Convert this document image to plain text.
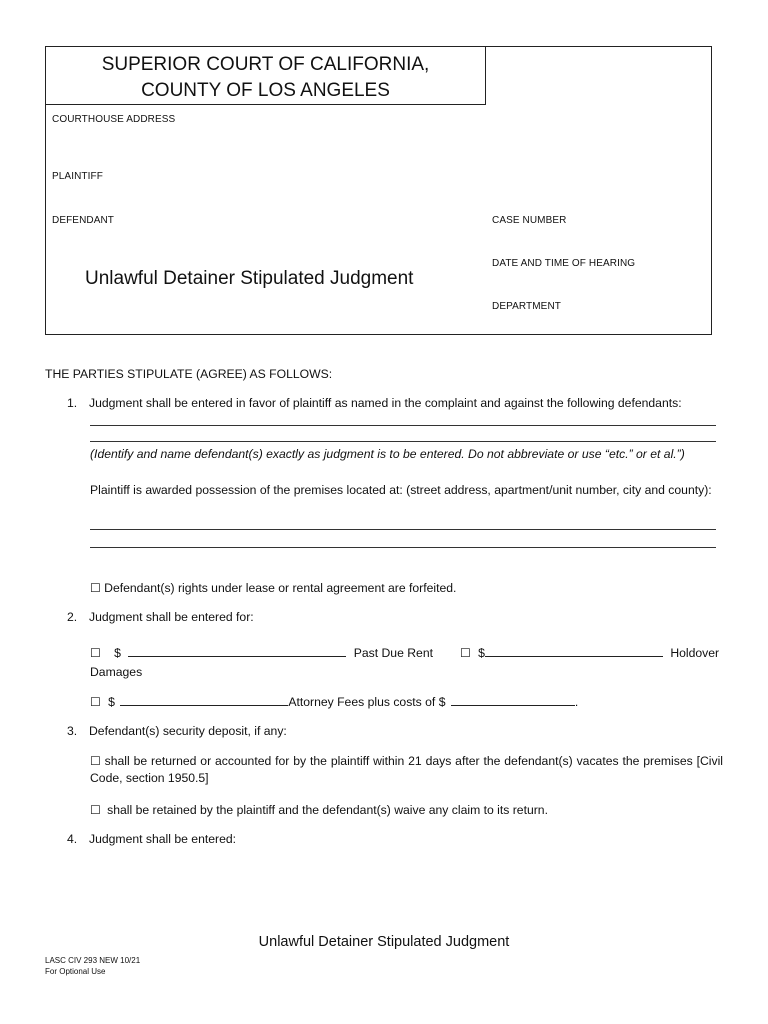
SUPERIOR COURT OF CALIFORNIA,
COUNTY OF LOS ANGELES
COURTHOUSE ADDRESS
PLAINTIFF
DEFENDANT	CASE NUMBER
Unlawful Detainer Stipulated Judgment
DATE AND TIME OF HEARING
DEPARTMENT
THE PARTIES STIPULATE (AGREE) AS FOLLOWS:
1. Judgment shall be entered in favor of plaintiff as named in the complaint and against the following defendants:
(Identify and name defendant(s) exactly as judgment is to be entered. Do not abbreviate or use “etc.” or et al.”)
Plaintiff is awarded possession of the premises located at: (street address, apartment/unit number, city and county):
☐ Defendant(s) rights under lease or rental agreement are forfeited.
2. Judgment shall be entered for:
☐ $	Past Due Rent ☐ $	Holdover
Damages
☐ $	Attorney Fees plus costs of $	.
3. Defendant(s) security deposit, if any:
☐ shall be returned or accounted for by the plaintiff within 21 days after the defendant(s) vacates the premises [Civil Code, section 1950.5]
☐ shall be retained by the plaintiff and the defendant(s) waive any claim to its return.
4. Judgment shall be entered:
Unlawful Detainer Stipulated Judgment
LASC CIV 293 NEW 10/21
For Optional Use
